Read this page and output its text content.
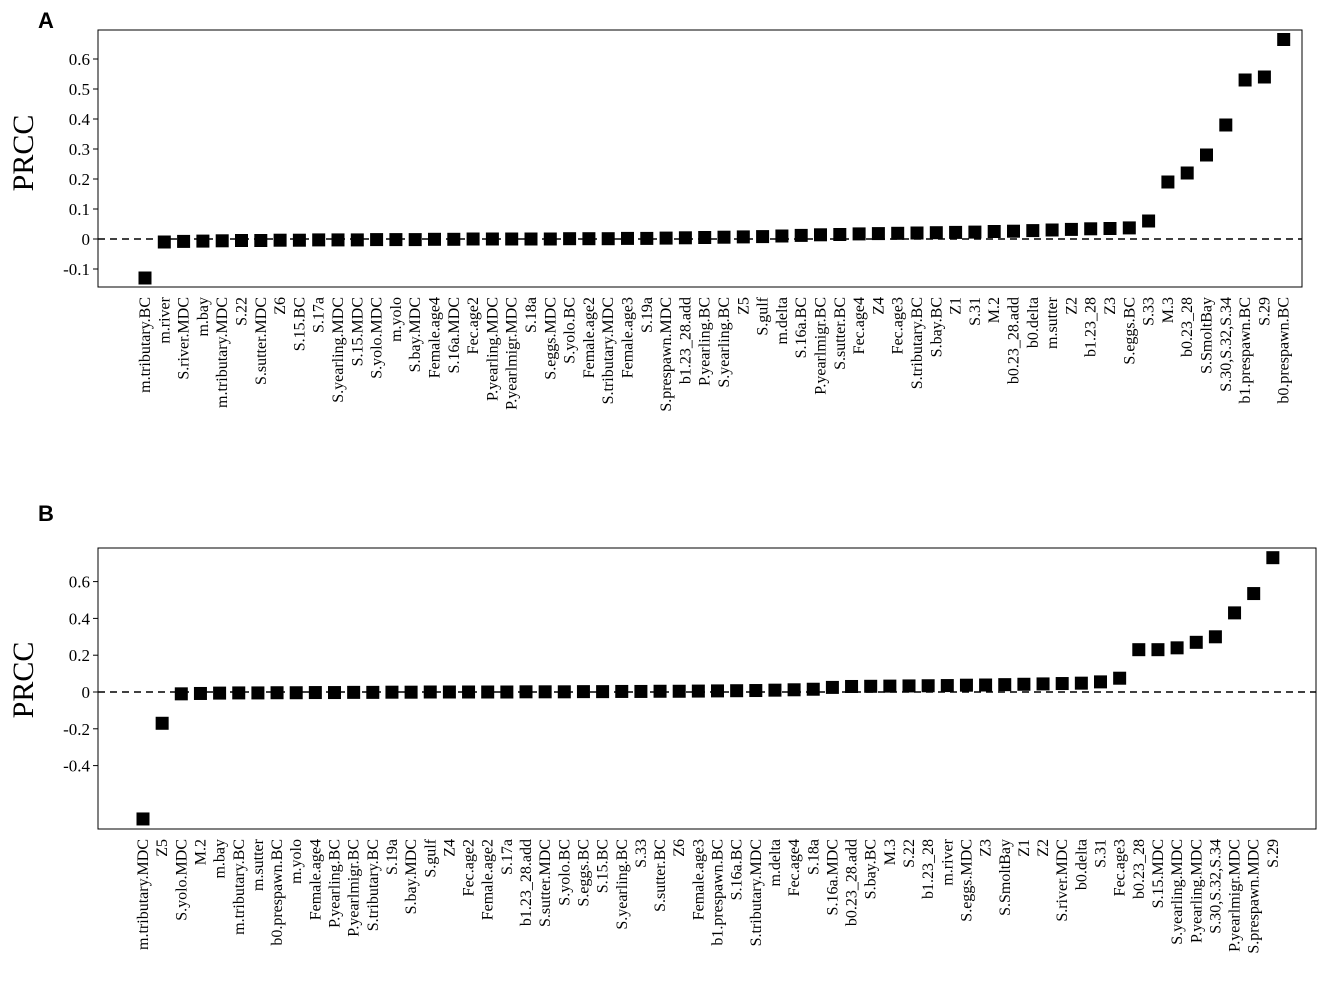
A
PRCC
0.6
0.5
0.4
0.3
0.2
0.1
0
-0.1
m.tributary.BC m.river S.river.MDC m.bay m.tributary.MDC S.22 S.sutter.MDC Z6 S.15.BC S.17a S.yearling.MDC S.15.MDC S.yolo.MDC m.yolo S.bay.MDC Female.age4 S.16a.MDC Fec.age2 P.yearling.MDC P.yearlmigr.MDC S.18a S.eggs.MDC S.yolo.BC Female.age2 S.tributary.MDC Female.age3 S.19a S.prespawn.MDC b1.23_28.add P.yearling.BC S.yearling.BC Z5 S.gulf m.delta S.16a.BC P.yearlmigr.BC S.sutter.BC Fec.age4 Z4 Fec.age3 S.tributary.BC S.bay.BC Z1 S.31 M.2 b0.23_28.add b0.delta m.sutter Z2 b1.23_28 Z3 S.eggs.BC S.33 M.3 b0.23_28 S.SmoltBay S.30,S.32,S.34 b1.prespawn.BC S.29 b0.prespawn.BC
B
PRCC
0.6
0.4
0.2
0
-0.2
-0.4
m.tributary.MDC Z5 S.yolo.MDC M.2 m.bay m.tributary.BC m.sutter b0.prespawn.BC m.yolo Female.age4 P.yearling.BC P.yearlmigr.BC S.tributary.BC S.19a S.bay.MDC S.gulf Z4 Fec.age2 Female.age2 S.17a b1.23_28.add S.sutter.MDC S.yolo.BC S.eggs.BC S.15.BC S.yearling.BC S.33 S.sutter.BC Z6 Female.age3 b1.prespawn.BC S.16a.BC S.tributary.MDC m.delta Fec.age4 S.18a S.16a.MDC b0.23_28.add S.bay.BC M.3 S.22 b1.23_28 m.river S.eggs.MDC Z3 S.SmoltBay Z1 Z2 S.river.MDC b0.delta S.31 Fec.age3 b0.23_28 S.15.MDC S.yearling.MDC P.yearling.MDC S.30,S.32,S.34 P.yearlmigr.MDC S.prespawn.MDC S.29
